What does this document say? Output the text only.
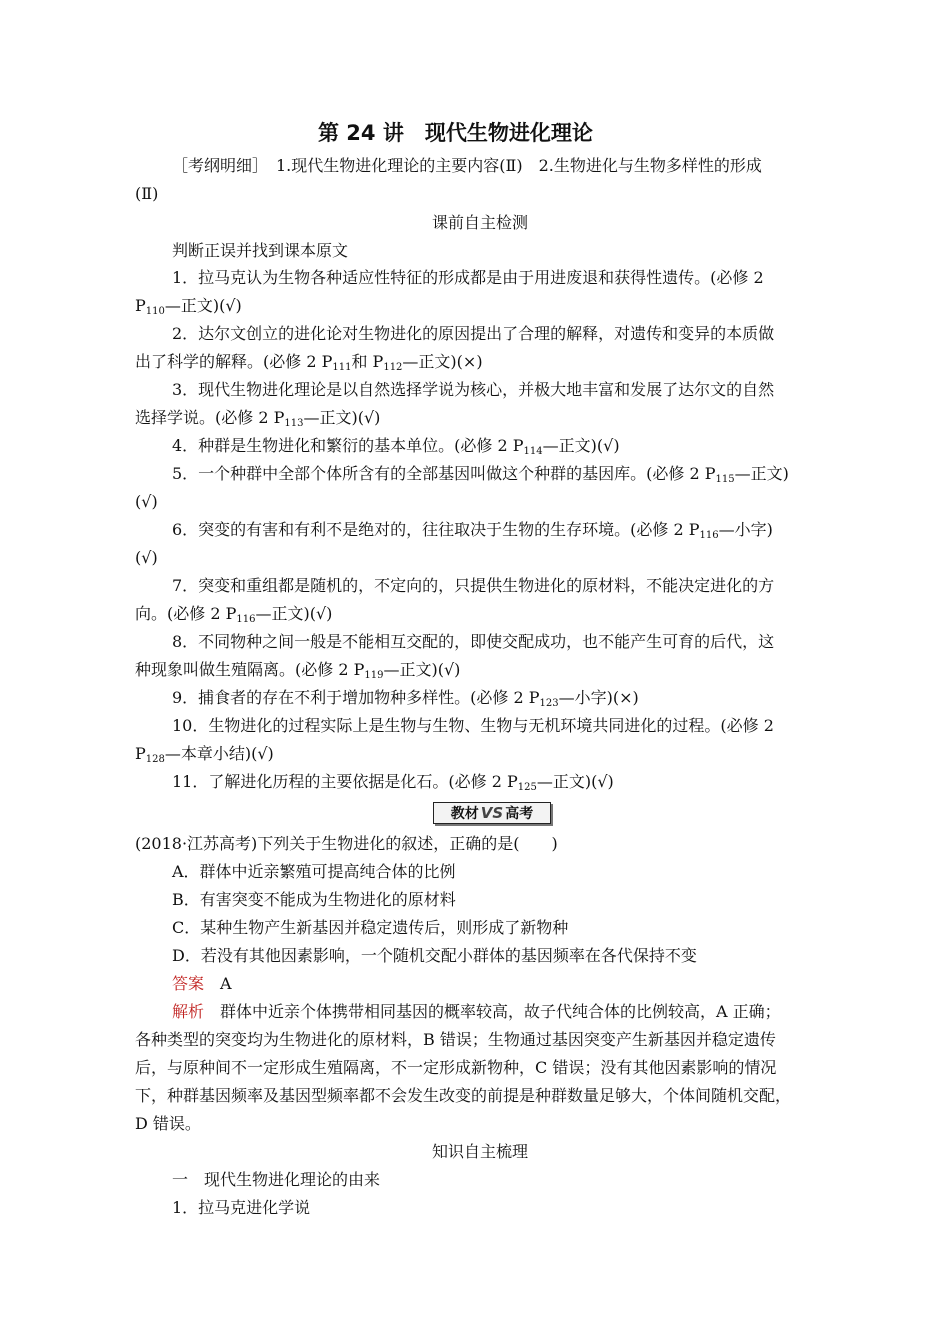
第 24 讲　现代生物进化理论
［考纲明细］　1.现代生物进化理论的主要内容(Ⅱ)　2.生物进化与生物多样性的形成
(Ⅱ)
课前自主检测
判断正误并找到课本原文
1．拉马克认为生物各种适应性特征的形成都是由于用进废退和获得性遗传。(必修 2
$P_{110}—$正文)(√)
2．达尔文创立的进化论对生物进化的原因提出了合理的解释，对遗传和变异的本质做
出了科学的解释。(必修 2 $P_{111}$和 $P_{112}—$正文)(×)
3．现代生物进化理论是以自然选择学说为核心，并极大地丰富和发展了达尔文的自然
选择学说。(必修 2 $P_{113}—$正文)(√)
4．种群是生物进化和繁衍的基本单位。(必修 2 $P_{114}—$正文)(√)
5．一个种群中全部个体所含有的全部基因叫做这个种群的基因库。(必修 2 $P_{115}—$正文)
(√)
6．突变的有害和有利不是绝对的，往往取决于生物的生存环境。(必修 2 $P_{116}—$小字)
(√)
7．突变和重组都是随机的，不定向的，只提供生物进化的原材料，不能决定进化的方
向。(必修 2 $P_{116}—$正文)(√)
8．不同物种之间一般是不能相互交配的，即使交配成功，也不能产生可育的后代，这
种现象叫做生殖隔离。(必修 2 $P_{119}—$正文)(√)
9．捕食者的存在不利于增加物种多样性。(必修 2 $P_{123}—$小字)(×)
10．生物进化的过程实际上是生物与生物、生物与无机环境共同进化的过程。(必修 2
$P_{128}—$本章小结)(√)
11．了解进化历程的主要依据是化石。(必修 2 $P_{125}—$正文)(√)
教材 VS 高考
(2018·江苏高考)下列关于生物进化的叙述，正确的是(　　)
A．群体中近亲繁殖可提高纯合体的比例
B．有害突变不能成为生物进化的原材料
C．某种生物产生新基因并稳定遗传后，则形成了新物种
D．若没有其他因素影响，一个随机交配小群体的基因频率在各代保持不变
答案　 A
解析　 群体中近亲个体携带相同基因的概率较高，故子代纯合体的比例较高，A 正确；
各种类型的突变均为生物进化的原材料，B 错误；生物通过基因突变产生新基因并稳定遗传
后，与原种间不一定形成生殖隔离，不一定形成新物种，C 错误；没有其他因素影响的情况
下，种群基因频率及基因型频率都不会发生改变的前提是种群数量足够大，个体间随机交配，
D 错误。
知识自主梳理
一　现代生物进化理论的由来
1．拉马克进化学说
